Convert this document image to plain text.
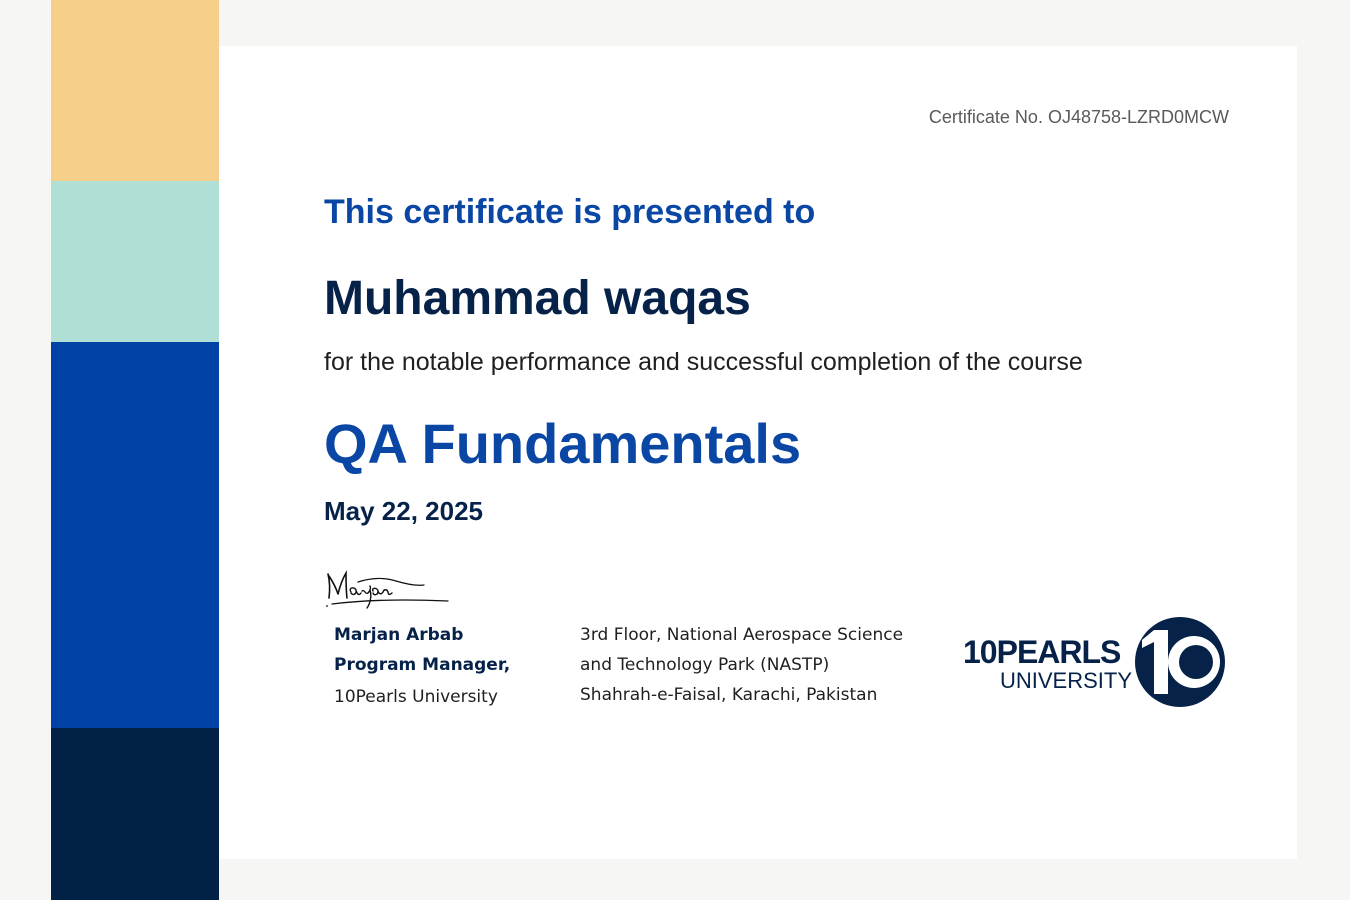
Certificate No. OJ48758-LZRD0MCW
This certificate is presented to
Muhammad waqas
for the notable performance and successful completion of the course
QA Fundamentals
May 22, 2025
Marjan Arbab
Program Manager,
10Pearls University
3rd Floor, National Aerospace Science
and Technology Park (NASTP)
Shahrah-e-Faisal, Karachi, Pakistan
10PEARLS
UNIVERSITY
